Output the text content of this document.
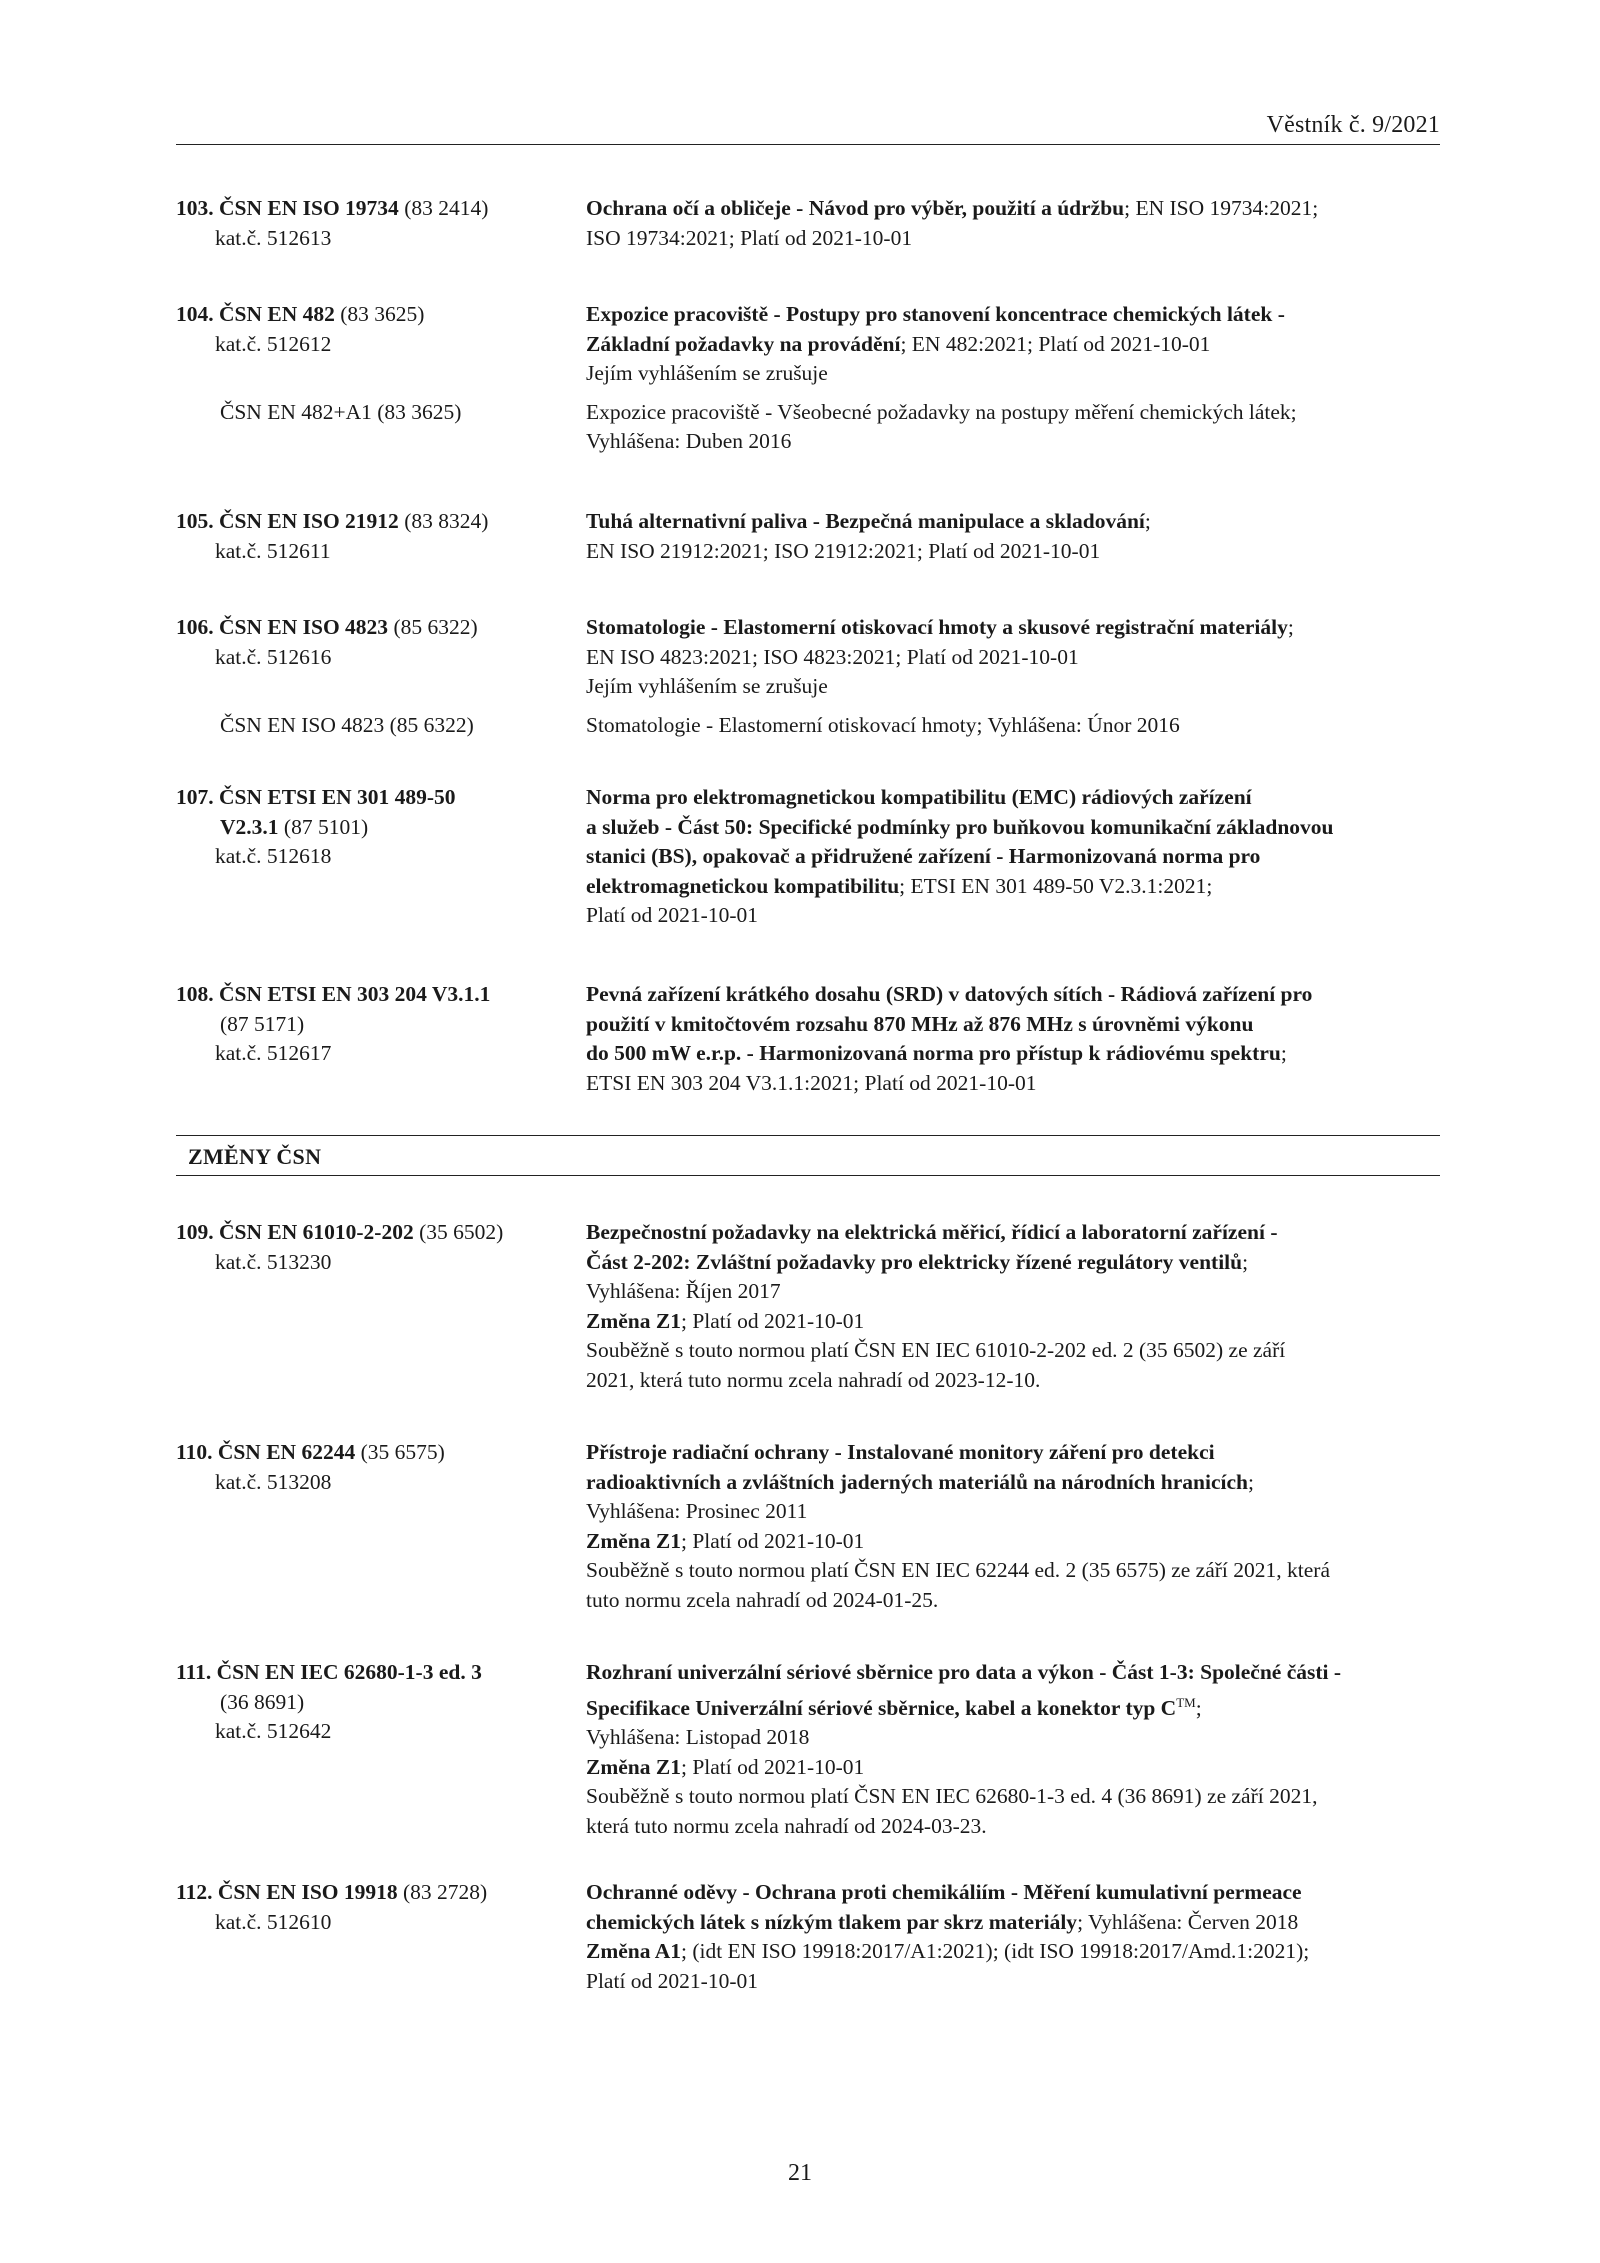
Věstník č. 9/2021
103. ČSN EN ISO 19734 (83 2414)
kat.č. 512613
Ochrana očí a obličeje - Návod pro výběr, použití a údržbu; EN ISO 19734:2021;
ISO 19734:2021; Platí od 2021-10-01
104. ČSN EN 482 (83 3625)
kat.č. 512612
Expozice pracoviště - Postupy pro stanovení koncentrace chemických látek -
Základní požadavky na provádění; EN 482:2021; Platí od 2021-10-01
Jejím vyhlášením se zrušuje
ČSN EN 482+A1 (83 3625)	Expozice pracoviště - Všeobecné požadavky na postupy měření chemických látek;
Vyhlášena: Duben 2016
105. ČSN EN ISO 21912 (83 8324)
kat.č. 512611
Tuhá alternativní paliva - Bezpečná manipulace a skladování;
EN ISO 21912:2021; ISO 21912:2021; Platí od 2021-10-01
106. ČSN EN ISO 4823 (85 6322)
kat.č. 512616
Stomatologie - Elastomerní otiskovací hmoty a skusové registrační materiály;
EN ISO 4823:2021; ISO 4823:2021; Platí od 2021-10-01
Jejím vyhlášením se zrušuje
ČSN EN ISO 4823 (85 6322)	Stomatologie - Elastomerní otiskovací hmoty; Vyhlášena: Únor 2016
107. ČSN ETSI EN 301 489-50
V2.3.1 (87 5101)
kat.č. 512618
Norma pro elektromagnetickou kompatibilitu (EMC) rádiových zařízení
a služeb - Část 50: Specifické podmínky pro buňkovou komunikační základnovou
stanici (BS), opakovač a přidružené zařízení - Harmonizovaná norma pro
elektromagnetickou kompatibilitu; ETSI EN 301 489-50 V2.3.1:2021;
Platí od 2021-10-01
108. ČSN ETSI EN 303 204 V3.1.1
(87 5171)
kat.č. 512617
Pevná zařízení krátkého dosahu (SRD) v datových sítích - Rádiová zařízení pro
použití v kmitočtovém rozsahu 870 MHz až 876 MHz s úrovněmi výkonu
do 500 mW e.r.p. - Harmonizovaná norma pro přístup k rádiovému spektru;
ETSI EN 303 204 V3.1.1:2021; Platí od 2021-10-01
ZMĚNY ČSN
109. ČSN EN 61010-2-202 (35 6502)
kat.č. 513230
Bezpečnostní požadavky na elektrická měřicí, řídicí a laboratorní zařízení -
Část 2-202: Zvláštní požadavky pro elektricky řízené regulátory ventilů;
Vyhlášena: Říjen 2017
Změna Z1; Platí od 2021-10-01
Souběžně s touto normou platí ČSN EN IEC 61010-2-202 ed. 2 (35 6502) ze září
2021, která tuto normu zcela nahradí od 2023-12-10.
110. ČSN EN 62244 (35 6575)
kat.č. 513208
Přístroje radiační ochrany - Instalované monitory záření pro detekci
radioaktivních a zvláštních jaderných materiálů na národních hranicích;
Vyhlášena: Prosinec 2011
Změna Z1; Platí od 2021-10-01
Souběžně s touto normou platí ČSN EN IEC 62244 ed. 2 (35 6575) ze září 2021, která
tuto normu zcela nahradí od 2024-01-25.
111. ČSN EN IEC 62680-1-3 ed. 3
(36 8691)
kat.č. 512642
Rozhraní univerzální sériové sběrnice pro data a výkon - Část 1-3: Společné části -
Specifikace Univerzální sériové sběrnice, kabel a konektor typ C™;
Vyhlášena: Listopad 2018
Změna Z1; Platí od 2021-10-01
Souběžně s touto normou platí ČSN EN IEC 62680-1-3 ed. 4 (36 8691) ze září 2021,
která tuto normu zcela nahradí od 2024-03-23.
112. ČSN EN ISO 19918 (83 2728)
kat.č. 512610
Ochranné oděvy - Ochrana proti chemikáliím - Měření kumulativní permeace
chemických látek s nízkým tlakem par skrz materiály; Vyhlášena: Červen 2018
Změna A1; (idt EN ISO 19918:2017/A1:2021); (idt ISO 19918:2017/Amd.1:2021);
Platí od 2021-10-01
21
